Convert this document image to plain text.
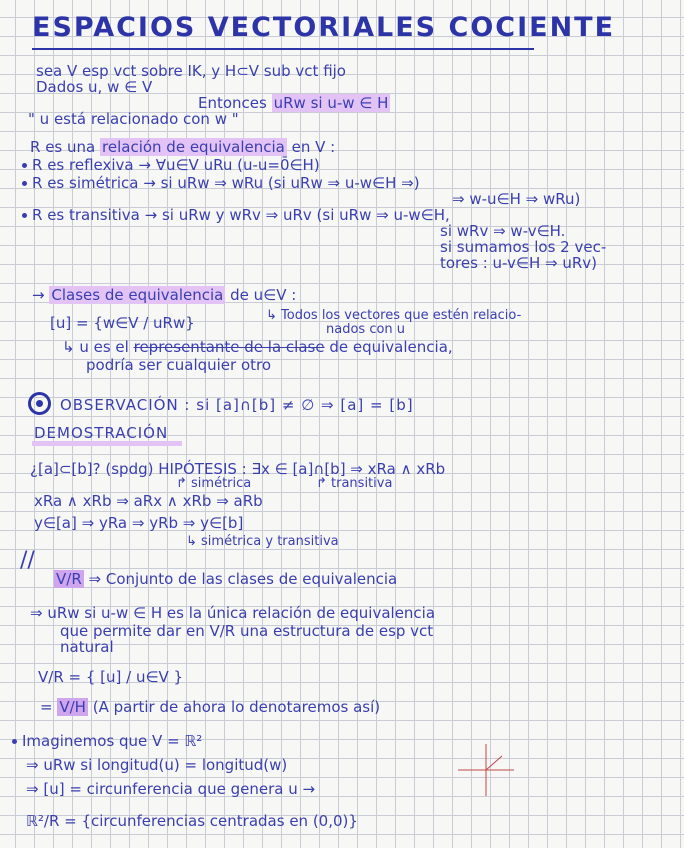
ESPACIOS VECTORIALES COCIENTE
sea V esp vct sobre IK, y H⊂V sub vct fijo
Dados u, w ∈ V
Entonces uRw si u-w ∈ H
" u está relacionado con w "
R es una relación de equivalencia en V :
R es reflexiva → ∀u∈V uRu (u-u=0̄∈H)
R es simétrica → si uRw ⇒ wRu (si uRw ⇒ u-w∈H ⇒)
⇒ w-u∈H ⇒ wRu)
R es transitiva → si uRw y wRv ⇒ uRv (si uRw ⇒ u-w∈H,
si wRv ⇒ w-v∈H.
si sumamos los 2 vec-
tores : u-v∈H ⇒ uRv)
→ Clases de equivalencia de u∈V :
[u] = {w∈V / uRw}	↳ Todos los vectores que estén relacio-
nados con u
↳ u es el representante de la clase de equivalencia,
podría ser cualquier otro
OBSERVACIÓN : si [a]∩[b] ≠ ∅ ⇒ [a] = [b]
DEMOSTRACIÓN
¿[a]⊂[b]? (spdg) HIPÓTESIS : ∃x ∈ [a]∩[b] ⇒ xRa ∧ xRb
↱ simétrica	↱ transitiva
xRa ∧ xRb ⇒ aRx ∧ xRb ⇒ aRb
y∈[a] ⇒ yRa ⇒ yRb ⇒ y∈[b]
↳ simétrica y transitiva
//
V/R ⇒ Conjunto de las clases de equivalencia
⇒ uRw si u-w ∈ H es la única relación de equivalencia
que permite dar en V/R una estructura de esp vct
natural
V/R = { [u] / u∈V }
= V/H (A partir de ahora lo denotaremos así)
Imaginemos que V = ℝ²
⇒ uRw si longitud(u) = longitud(w)
⇒ [u] = circunferencia que genera u →
ℝ²/R = {circunferencias centradas en (0,0)}
